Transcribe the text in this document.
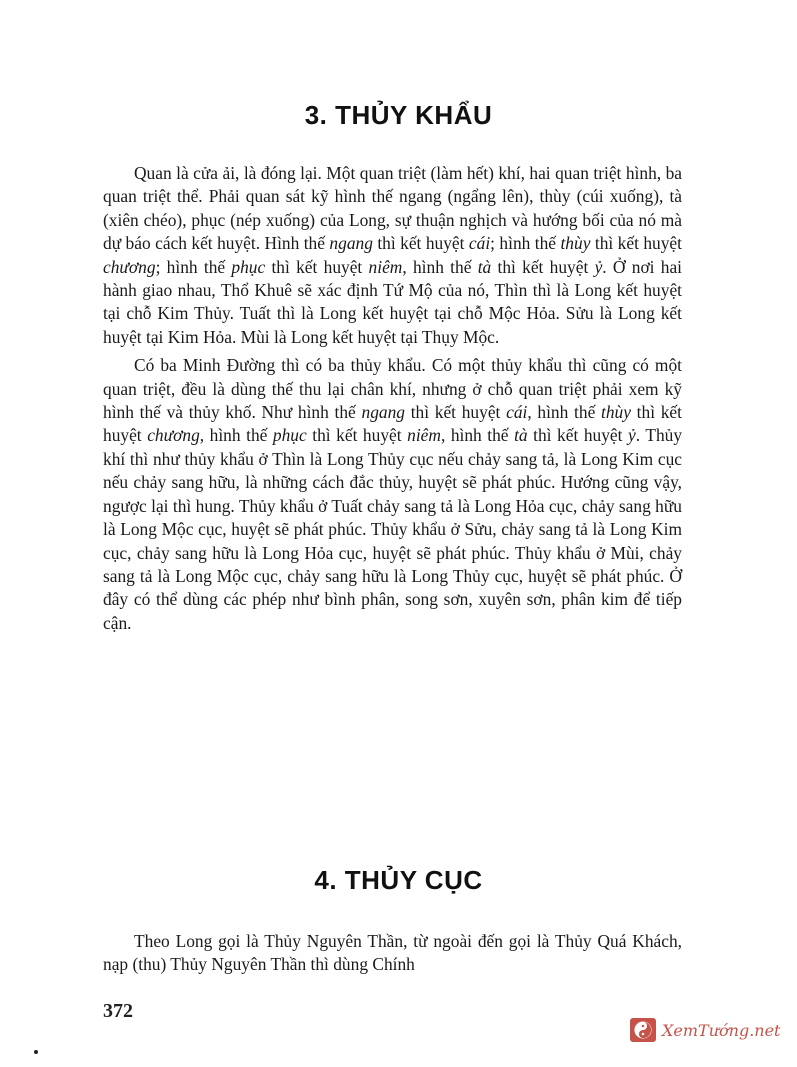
3. THỦY KHẨU

Quan là cửa ải, là đóng lại. Một quan triệt (làm hết) khí, hai quan triệt hình, ba quan triệt thể. Phải quan sát kỹ hình thế ngang (ngẩng lên), thùy (cúi xuống), tà (xiên chéo), phục (nép xuống) của Long, sự thuận nghịch và hướng bối của nó mà dự báo cách kết huyệt. Hình thế ngang thì kết huyệt cái; hình thế thùy thì kết huyệt chương; hình thế phục thì kết huyệt niêm, hình thế tà thì kết huyệt ỷ. Ở nơi hai hành giao nhau, Thổ Khuê sẽ xác định Tứ Mộ của nó, Thìn thì là Long kết huyệt tại chỗ Kim Thủy. Tuất thì là Long kết huyệt tại chỗ Mộc Hỏa. Sửu là Long kết huyệt tại Kim Hỏa. Mùi là Long kết huyệt tại Thụy Mộc.

Có ba Minh Đường thì có ba thủy khẩu. Có một thủy khẩu thì cũng có một quan triệt, đều là dùng thế thu lại chân khí, nhưng ở chỗ quan triệt phải xem kỹ hình thế và thủy khố. Như hình thế ngang thì kết huyệt cái, hình thế thùy thì kết huyệt chương, hình thế phục thì kết huyệt niêm, hình thế tà thì kết huyệt ỷ. Thủy khí thì như thủy khẩu ở Thìn là Long Thủy cục nếu chảy sang tả, là Long Kim cục nếu chảy sang hữu, là những cách đắc thủy, huyệt sẽ phát phúc. Hướng cũng vậy, ngược lại thì hung. Thủy khẩu ở Tuất chảy sang tả là Long Hỏa cục, chảy sang hữu là Long Mộc cục, huyệt sẽ phát phúc. Thủy khẩu ở Sửu, chảy sang tả là Long Kim cục, chảy sang hữu là Long Hỏa cục, huyệt sẽ phát phúc. Thủy khẩu ở Mùi, chảy sang tả là Long Mộc cục, chảy sang hữu là Long Thủy cục, huyệt sẽ phát phúc. Ở đây có thể dùng các phép như bình phân, song sơn, xuyên sơn, phân kim để tiếp cận.

4. THỦY CỤC

Theo Long gọi là Thủy Nguyên Thần, từ ngoài đến gọi là Thủy Quá Khách, nạp (thu) Thủy Nguyên Thần thì dùng Chính

372
XemTướng.net
